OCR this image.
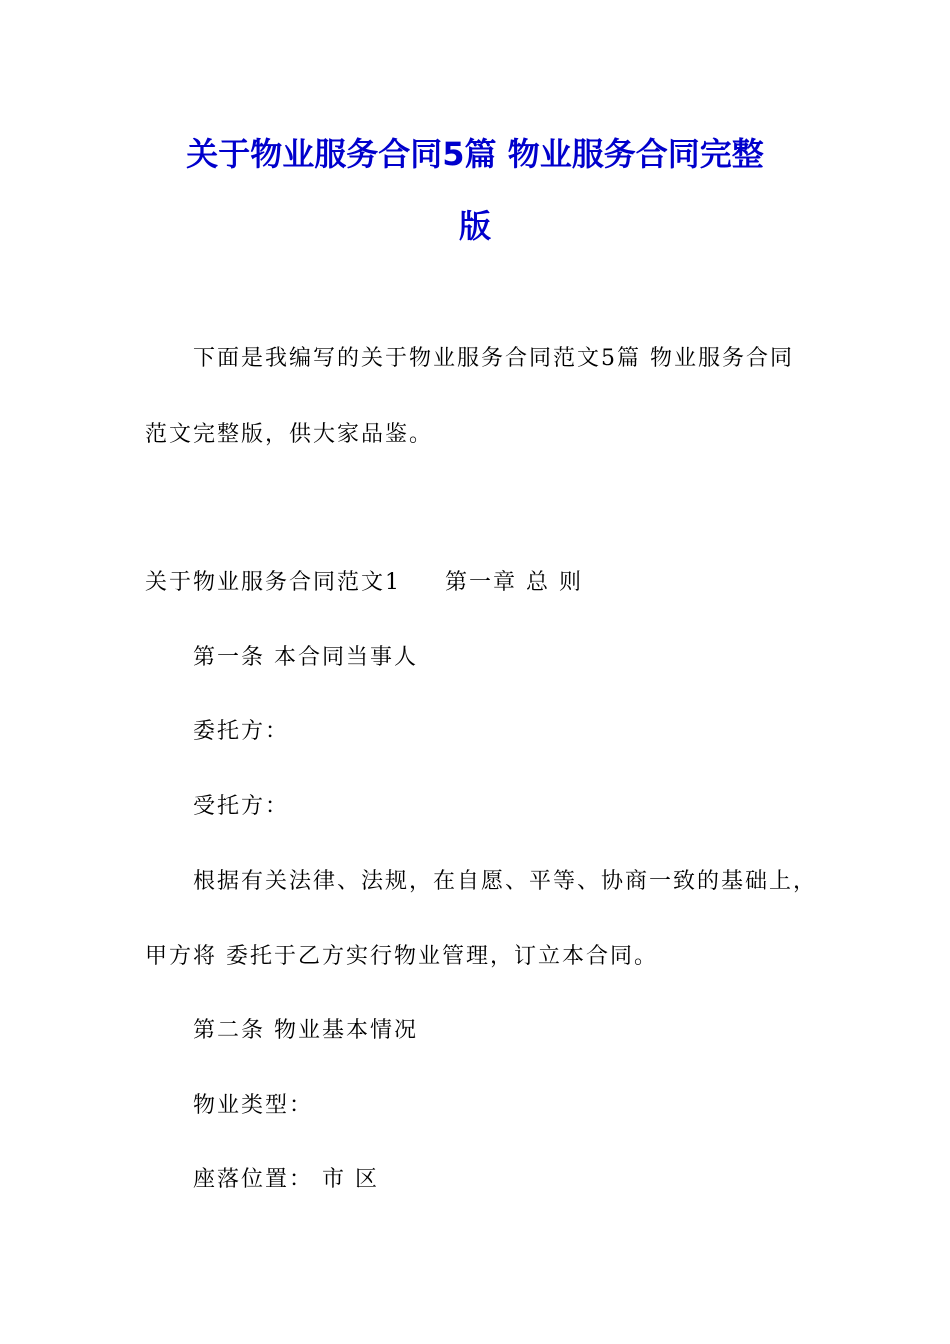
关于物业服务合同5篇 物业服务合同完整
版

下面是我编写的关于物业服务合同范文5篇 物业服务合同

范文完整版，供大家品鉴。

关于物业服务合同范文1 第一章 总 则

第一条 本合同当事人

委托方：

受托方：

根据有关法律、法规，在自愿、平等、协商一致的基础上，

甲方将 委托于乙方实行物业管理，订立本合同。

第二条 物业基本情况

物业类型：

座落位置： 市 区
